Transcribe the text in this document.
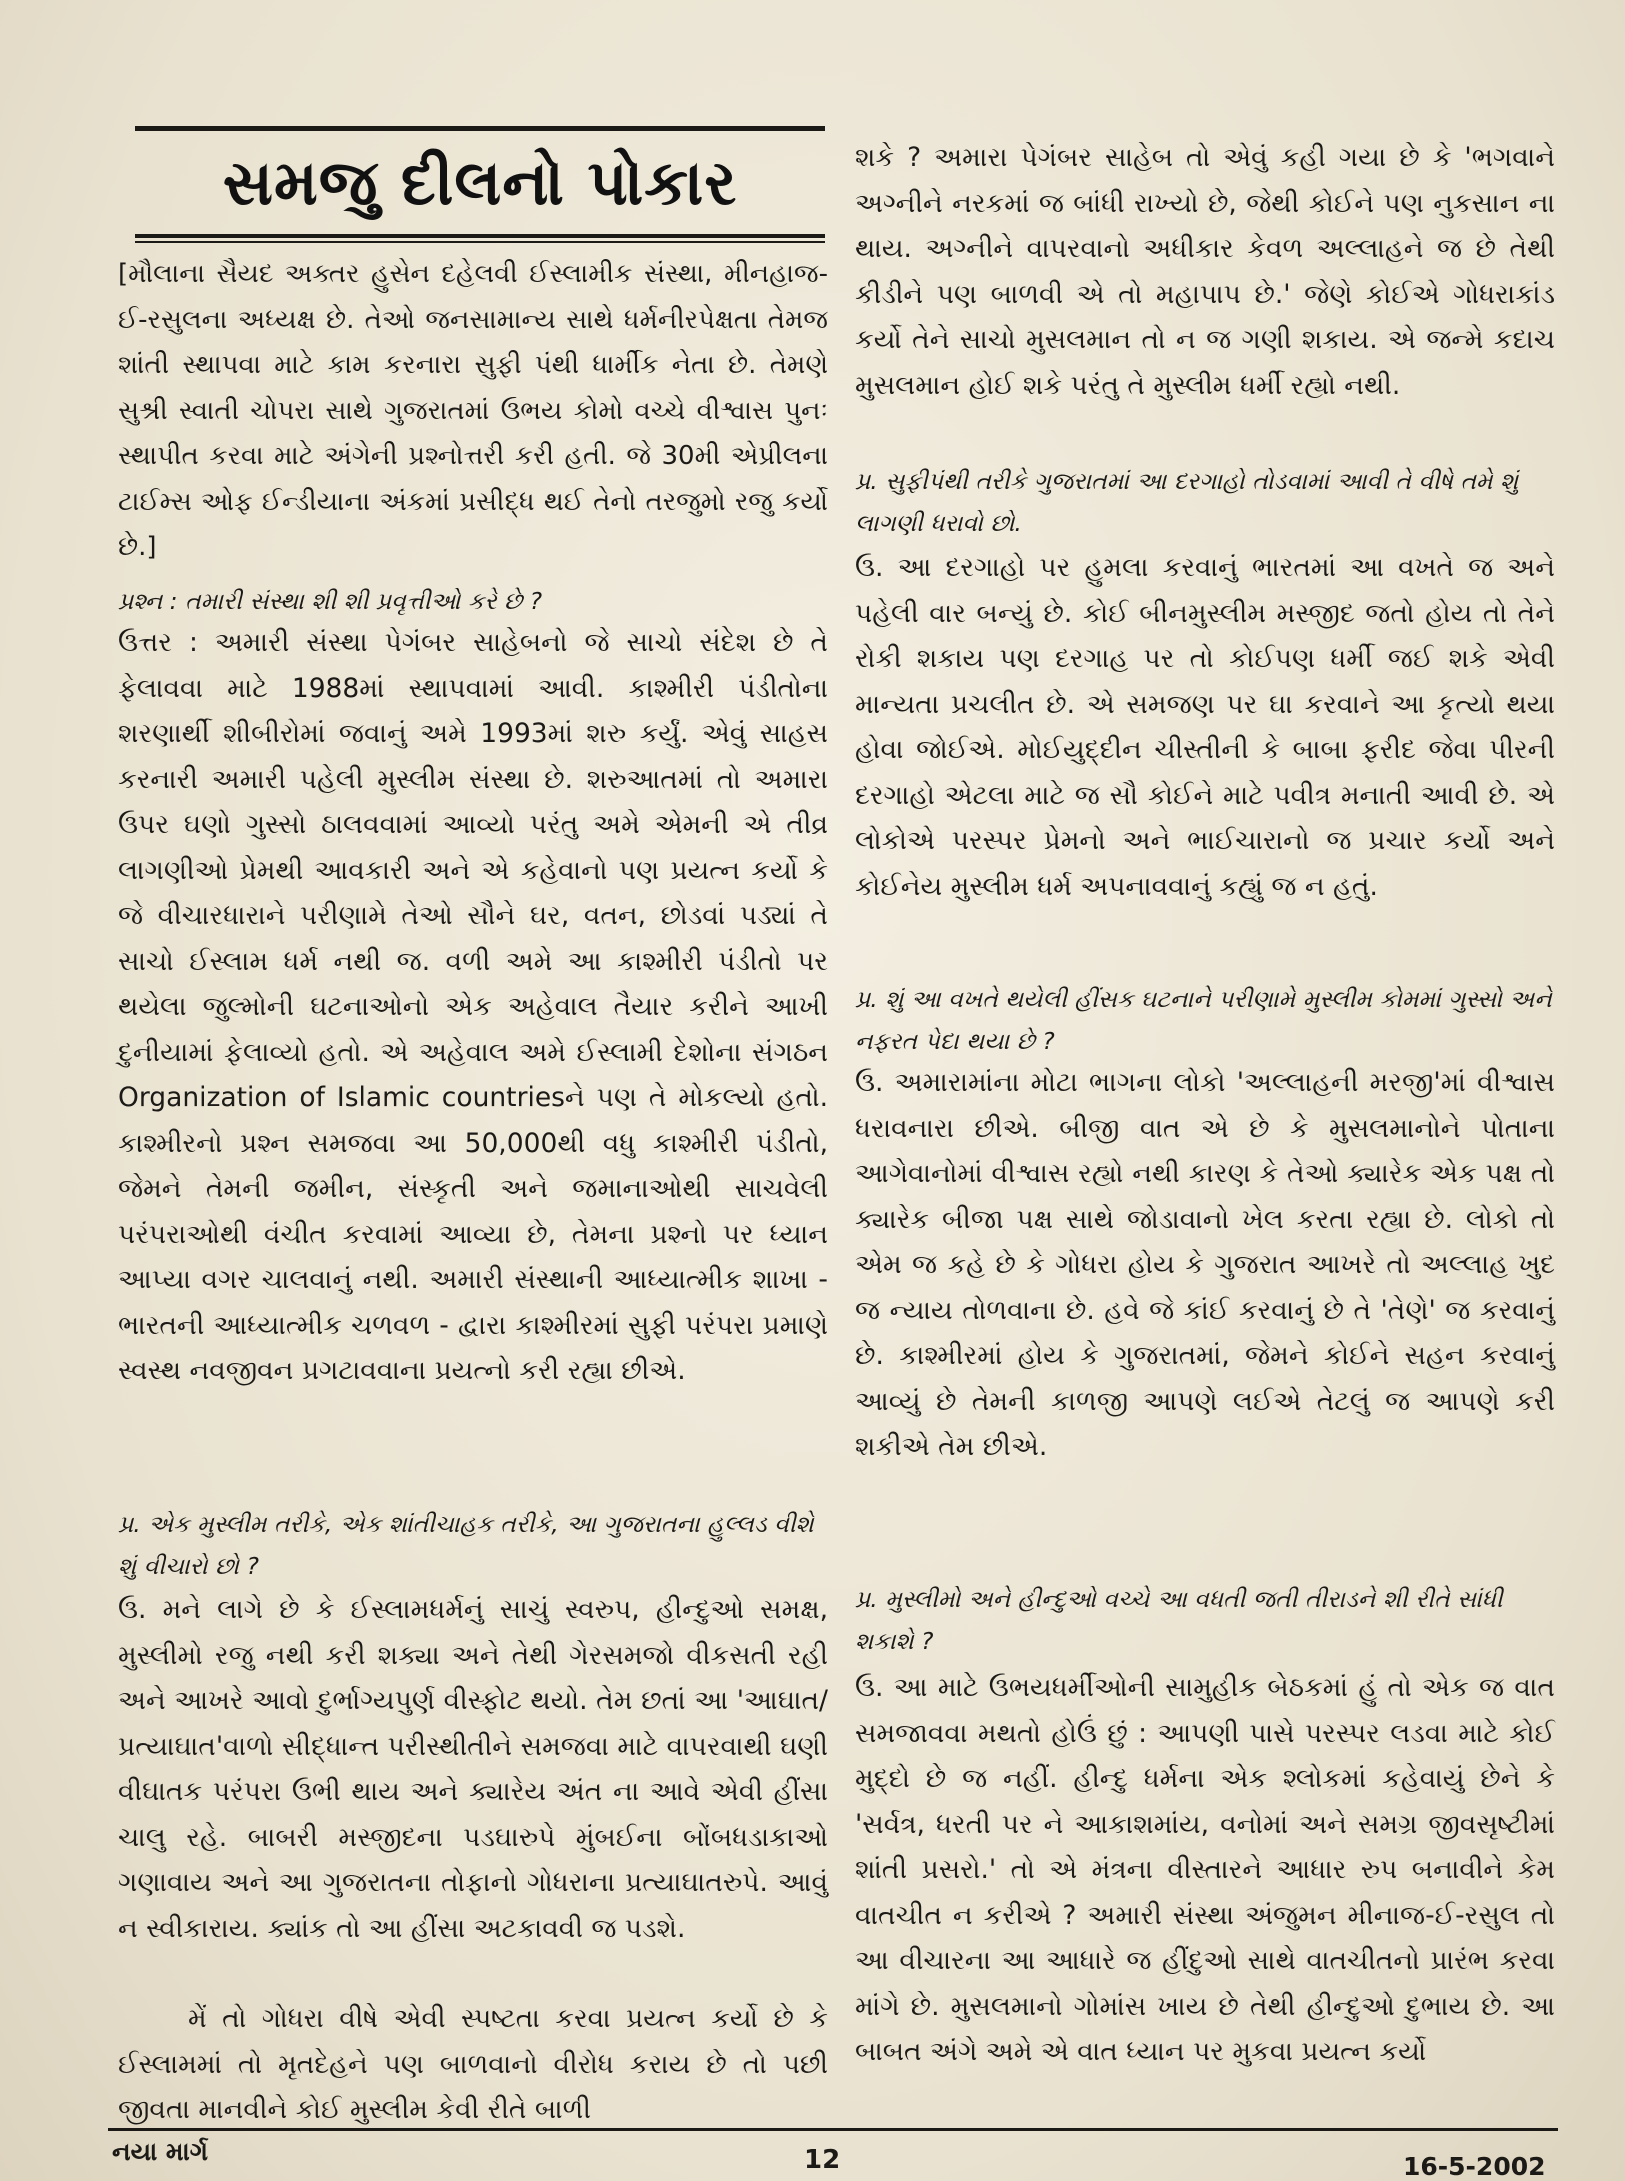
સમજુ દીલનો પોકાર

[મૌલાના સૈયદ અક્તર હુસેન દહેલવી ઈસ્લામીક સંસ્થા, મીનહાજ-ઈ-રસુલના અધ્યક્ષ છે. તેઓ જનસામાન્ય સાથે ધર્મનીરપેક્ષતા તેમજ શાંતી સ્થાપવા માટે કામ કરનારા સુફી પંથી ધાર્મીક નેતા છે. તેમણે સુશ્રી સ્વાતી ચોપરા સાથે ગુજરાતમાં ઉભય કોમો વચ્ચે વીશ્વાસ પુનઃ સ્થાપીત કરવા માટે અંગેની પ્રશ્નોત્તરી કરી હતી. જે 30મી એપ્રીલના ટાઈમ્સ ઓફ ઈન્ડીયાના અંકમાં પ્રસીદ્ધ થઈ તેનો તરજુમો રજુ કર્યો છે.]

પ્રશ્ન : તમારી સંસ્થા શી શી પ્રવૃત્તીઓ કરે છે ?

ઉત્તર : અમારી સંસ્થા પેગંબર સાહેબનો જે સાચો સંદેશ છે તે ફેલાવવા માટે 1988માં સ્થાપવામાં આવી. કાશ્મીરી પંડીતોના શરણાર્થી શીબીરોમાં જવાનું અમે 1993માં શરુ કર્યું. એવું સાહસ કરનારી અમારી પહેલી મુસ્લીમ સંસ્થા છે. શરુઆતમાં તો અમારા ઉપર ઘણો ગુસ્સો ઠાલવવામાં આવ્યો પરંતુ અમે એમની એ તીવ્ર લાગણીઓ પ્રેમથી આવકારી અને એ કહેવાનો પણ પ્રયત્ન કર્યો કે જે વીચારધારાને પરીણામે તેઓ સૌને ઘર, વતન, છોડવાં પડ્યાં તે સાચો ઈસ્લામ ધર્મ નથી જ. વળી અમે આ કાશ્મીરી પંડીતો પર થયેલા જુલ્મોની ઘટનાઓનો એક અહેવાલ તૈયાર કરીને આખી દુનીયામાં ફેલાવ્યો હતો. એ અહેવાલ અમે ઈસ્લામી દેશોના સંગઠન Organization of Islamic countriesને પણ તે મોકલ્યો હતો. કાશ્મીરનો પ્રશ્ન સમજવા આ 50,000થી વધુ કાશ્મીરી પંડીતો, જેમને તેમની જમીન, સંસ્કૃતી અને જમાનાઓથી સાચવેલી પરંપરાઓથી વંચીત કરવામાં આવ્યા છે, તેમના પ્રશ્નો પર ધ્યાન આપ્યા વગર ચાલવાનું નથી. અમારી સંસ્થાની આધ્યાત્મીક શાખા - ભારતની આધ્યાત્મીક ચળવળ - દ્વારા કાશ્મીરમાં સુફી પરંપરા પ્રમાણે સ્વસ્થ નવજીવન પ્રગટાવવાના પ્રયત્નો કરી રહ્યા છીએ.

પ્ર. એક મુસ્લીમ તરીકે, એક શાંતીચાહક તરીકે, આ ગુજરાતના હુલ્લડ વીશે શું વીચારો છો ?

ઉ. મને લાગે છે કે ઈસ્લામધર્મનું સાચું સ્વરુપ, હીન્દુઓ સમક્ષ, મુસ્લીમો રજુ નથી કરી શક્યા અને તેથી ગેરસમજો વીકસતી રહી અને આખરે આવો દુર્ભાગ્યપુર્ણ વીસ્ફોટ થયો. તેમ છતાં આ 'આઘાત/પ્રત્યાઘાત'વાળો સીદ્ધાન્ત પરીસ્થીતીને સમજવા માટે વાપરવાથી ઘણી વીઘાતક પરંપરા ઉભી થાય અને ક્યારેય અંત ના આવે એવી હીંસા ચાલુ રહે. બાબરી મસ્જીદના પડઘારુપે મુંબઈના બોંબધડાકાઓ ગણાવાય અને આ ગુજરાતના તોફાનો ગોધરાના પ્રત્યાઘાતરુપે. આવું ન સ્વીકારાય. ક્યાંક તો આ હીંસા અટકાવવી જ પડશે.

મેં તો ગોધરા વીષે એવી સ્પષ્ટતા કરવા પ્રયત્ન કર્યો છે કે ઈસ્લામમાં તો મૃતદેહને પણ બાળવાનો વીરોધ કરાય છે તો પછી જીવતા માનવીને કોઈ મુસ્લીમ કેવી રીતે બાળી

શકે ? અમારા પેગંબર સાહેબ તો એવું કહી ગયા છે કે 'ભગવાને અગ્નીને નરકમાં જ બાંધી રાખ્યો છે, જેથી કોઈને પણ નુકસાન ના થાય. અગ્નીને વાપરવાનો અધીકાર કેવળ અલ્લાહને જ છે તેથી કીડીને પણ બાળવી એ તો મહાપાપ છે.' જેણે કોઈએ ગોધરાકાંડ કર્યો તેને સાચો મુસલમાન તો ન જ ગણી શકાય. એ જન્મે કદાચ મુસલમાન હોઈ શકે પરંતુ તે મુસ્લીમ ધર્મી રહ્યો નથી.

પ્ર. સુફીપંથી તરીકે ગુજરાતમાં આ દરગાહો તોડવામાં આવી તે વીષે તમે શું લાગણી ધરાવો છો.

ઉ. આ દરગાહો પર હુમલા કરવાનું ભારતમાં આ વખતે જ અને પહેલી વાર બન્યું છે. કોઈ બીનમુસ્લીમ મસ્જીદ જતો હોય તો તેને રોકી શકાય પણ દરગાહ પર તો કોઈપણ ધર્મી જઈ શકે એવી માન્યતા પ્રચલીત છે. એ સમજણ પર ઘા કરવાને આ કૃત્યો થયા હોવા જોઈએ. મોઈયુદ્દીન ચીસ્તીની કે બાબા ફરીદ જેવા પીરની દરગાહો એટલા માટે જ સૌ કોઈને માટે પવીત્ર મનાતી આવી છે. એ લોકોએ પરસ્પર પ્રેમનો અને ભાઈચારાનો જ પ્રચાર કર્યો અને કોઈનેય મુસ્લીમ ધર્મ અપનાવવાનું કહ્યું જ ન હતું.

પ્ર. શું આ વખતે થયેલી હીંસક ઘટનાને પરીણામે મુસ્લીમ કોમમાં ગુસ્સો અને નફરત પેદા થયા છે ?

ઉ. અમારામાંના મોટા ભાગના લોકો 'અલ્લાહની મરજી'માં વીશ્વાસ ધરાવનારા છીએ. બીજી વાત એ છે કે મુસલમાનોને પોતાના આગેવાનોમાં વીશ્વાસ રહ્યો નથી કારણ કે તેઓ ક્યારેક એક પક્ષ તો ક્યારેક બીજા પક્ષ સાથે જોડાવાનો ખેલ કરતા રહ્યા છે. લોકો તો એમ જ કહે છે કે ગોધરા હોય કે ગુજરાત આખરે તો અલ્લાહ ખુદ જ ન્યાય તોળવાના છે. હવે જે કાંઈ કરવાનું છે તે 'તેણે' જ કરવાનું છે. કાશ્મીરમાં હોય કે ગુજરાતમાં, જેમને કોઈને સહન કરવાનું આવ્યું છે તેમની કાળજી આપણે લઈએ તેટલું જ આપણે કરી શકીએ તેમ છીએ.

પ્ર. મુસ્લીમો અને હીન્દુઓ વચ્ચે આ વધતી જતી તીરાડને શી રીતે સાંધી શકાશે ?

ઉ. આ માટે ઉભયધર્મીઓની સામુહીક બેઠકમાં હું તો એક જ વાત સમજાવવા મથતો હોઉં છું : આપણી પાસે પરસ્પર લડવા માટે કોઈ મુદ્દો છે જ નહીં. હીન્દુ ધર્મના એક શ્લોકમાં કહેવાયું છેને કે 'સર્વત્ર, ધરતી પર ને આકાશમાંય, વનોમાં અને સમગ્ર જીવસૃષ્ટીમાં શાંતી પ્રસરો.' તો એ મંત્રના વીસ્તારને આધાર રુપ બનાવીને કેમ વાતચીત ન કરીએ ? અમારી સંસ્થા અંજુમન મીનાજ-ઈ-રસુલ તો આ વીચારના આ આધારે જ હીંદુઓ સાથે વાતચીતનો પ્રારંભ કરવા માંગે છે. મુસલમાનો ગોમાંસ ખાય છે તેથી હીન્દુઓ દુભાય છે. આ બાબત અંગે અમે એ વાત ધ્યાન પર મુકવા પ્રયત્ન કર્યો

નયા માર્ગ	12	16-5-2002
